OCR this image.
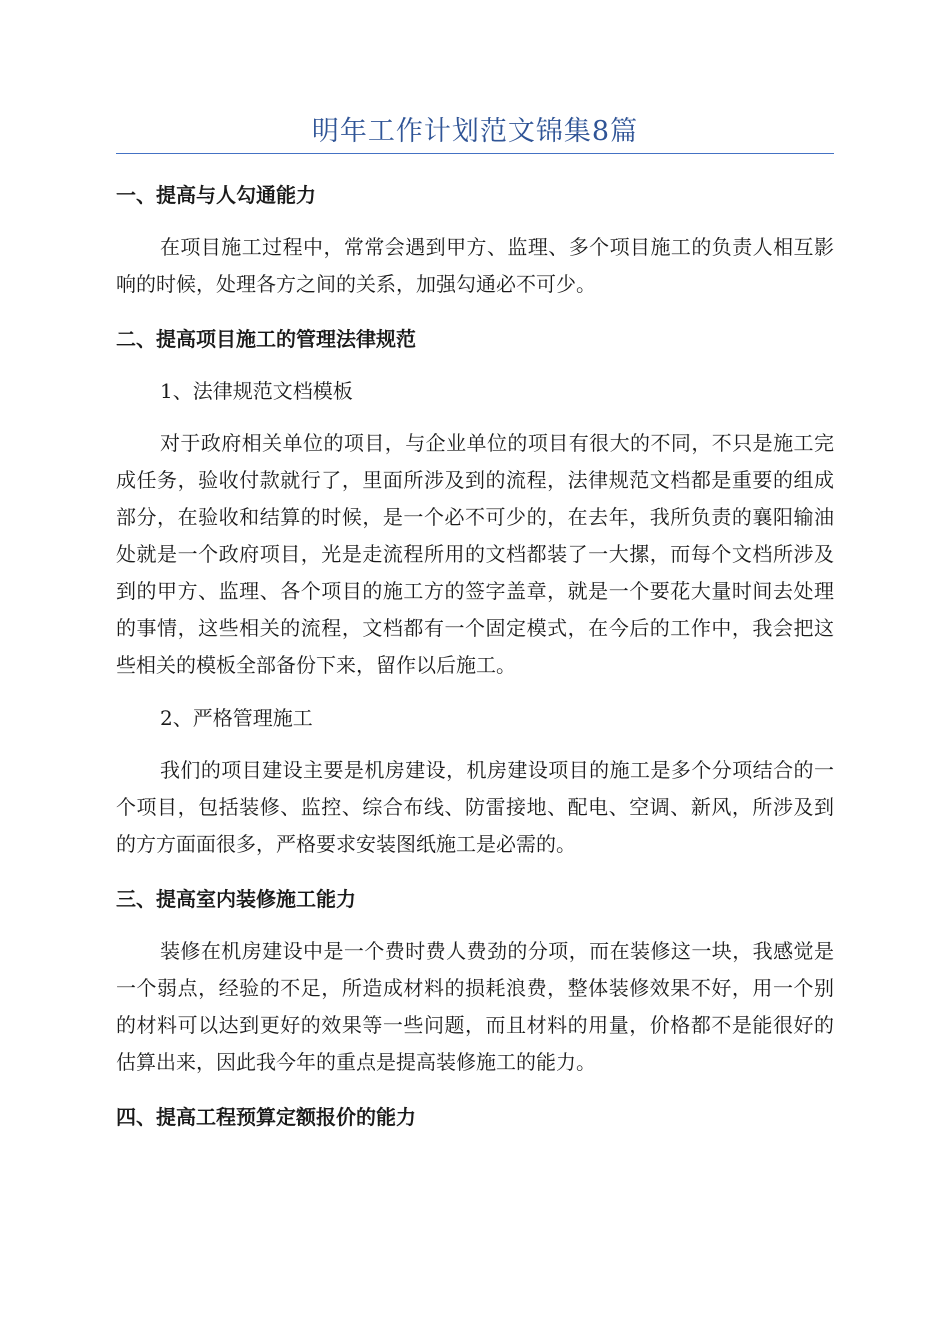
明年工作计划范文锦集8篇

一、提高与人勾通能力

在项目施工过程中，常常会遇到甲方、监理、多个项目施工的负责人相互影响的时候，处理各方之间的关系，加强勾通必不可少。

二、提高项目施工的管理法律规范

1、法律规范文档模板

对于政府相关单位的项目，与企业单位的项目有很大的不同，不只是施工完成任务，验收付款就行了，里面所涉及到的流程，法律规范文档都是重要的组成部分，在验收和结算的时候，是一个必不可少的，在去年，我所负责的襄阳输油处就是一个政府项目，光是走流程所用的文档都装了一大摞，而每个文档所涉及到的甲方、监理、各个项目的施工方的签字盖章，就是一个要花大量时间去处理的事情，这些相关的流程，文档都有一个固定模式，在今后的工作中，我会把这些相关的模板全部备份下来，留作以后施工。

2、严格管理施工

我们的项目建设主要是机房建设，机房建设项目的施工是多个分项结合的一个项目，包括装修、监控、综合布线、防雷接地、配电、空调、新风，所涉及到的方方面面很多，严格要求安装图纸施工是必需的。

三、提高室内装修施工能力

装修在机房建设中是一个费时费人费劲的分项，而在装修这一块，我感觉是一个弱点，经验的不足，所造成材料的损耗浪费，整体装修效果不好，用一个别的材料可以达到更好的效果等一些问题，而且材料的用量，价格都不是能很好的估算出来，因此我今年的重点是提高装修施工的能力。

四、提高工程预算定额报价的能力
